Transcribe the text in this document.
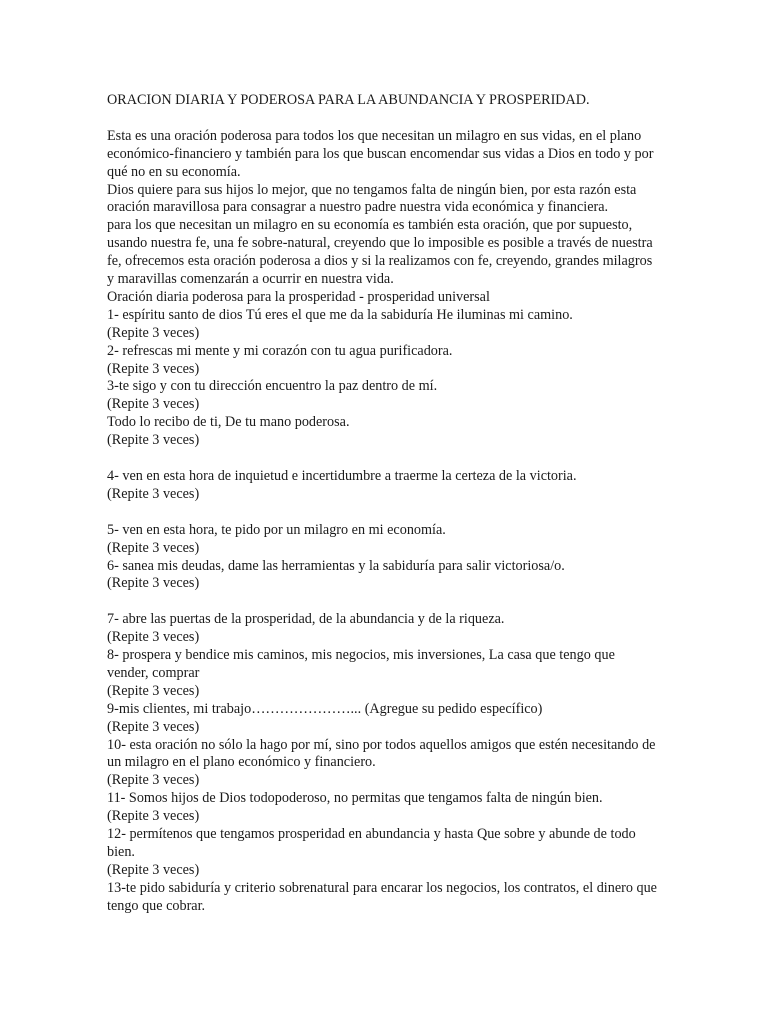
ORACION DIARIA Y PODEROSA PARA LA ABUNDANCIA Y PROSPERIDAD.

Esta es una oración poderosa para todos los que necesitan un milagro en sus vidas, en el plano económico-financiero y también para los que buscan encomendar sus vidas a Dios en todo y por qué no en su economía.
Dios quiere para sus hijos lo mejor, que no tengamos falta de ningún bien, por esta razón esta oración maravillosa para consagrar a nuestro padre nuestra vida económica y financiera.
para los que necesitan un milagro en su economía es también esta oración, que por supuesto, usando nuestra fe, una fe sobre-natural, creyendo que lo imposible es posible a través de nuestra fe, ofrecemos esta oración poderosa a dios y si la realizamos con fe, creyendo, grandes milagros y maravillas comenzarán a ocurrir en nuestra vida.
Oración diaria poderosa para la prosperidad - prosperidad universal
1- espíritu santo de dios Tú eres el que me da la sabiduría He iluminas mi camino.
(Repite 3 veces)
2- refrescas mi mente y mi corazón con tu agua purificadora.
(Repite 3 veces)
3-te sigo y con tu dirección encuentro la paz dentro de mí.
(Repite 3 veces)
Todo lo recibo de ti, De tu mano poderosa.
(Repite 3 veces)
4- ven en esta hora de inquietud e incertidumbre a traerme la certeza de la victoria.
(Repite 3 veces)
5- ven en esta hora, te pido por un milagro en mi economía.
(Repite 3 veces)
6- sanea mis deudas, dame las herramientas y la sabiduría para salir victoriosa/o.
(Repite 3 veces)
7- abre las puertas de la prosperidad, de la abundancia y de la riqueza.
(Repite 3 veces)
8- prospera y bendice mis caminos, mis negocios, mis inversiones, La casa que tengo que vender, comprar
(Repite 3 veces)
9-mis clientes, mi trabajo…………………... (Agregue su pedido específico)
(Repite 3 veces)
10- esta oración no sólo la hago por mí, sino por todos aquellos amigos que estén necesitando de un milagro en el plano económico y financiero.
(Repite 3 veces)
11- Somos hijos de Dios todopoderoso, no permitas que tengamos falta de ningún bien.
(Repite 3 veces)
12- permítenos que tengamos prosperidad en abundancia y hasta Que sobre y abunde de todo bien.
(Repite 3 veces)
13-te pido sabiduría y criterio sobrenatural para encarar los negocios, los contratos, el dinero que tengo que cobrar.
